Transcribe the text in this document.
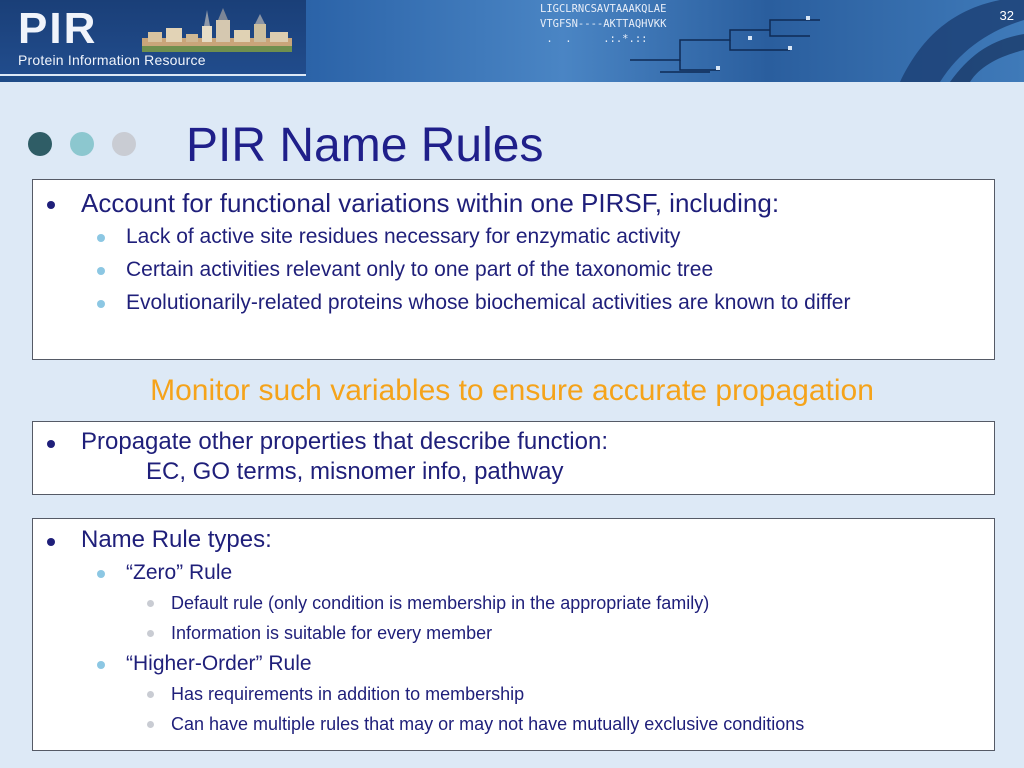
PIR
Protein Information Resource
LIGCLRNCSAVTAAAKQLAE
VTGFSN----AKTTAQHVKK
.  .     .:.*.::
32
PIR Name Rules
Account for functional variations within one PIRSF, including:
Lack of active site residues necessary for enzymatic activity
Certain activities relevant only to one part of the taxonomic tree
Evolutionarily-related proteins whose biochemical activities are known to differ
Monitor such variables to ensure accurate propagation
Propagate other properties that describe function:
EC, GO terms, misnomer info, pathway
Name Rule types:
“Zero” Rule
Default rule (only condition is membership in the appropriate family)
Information is suitable for every member
“Higher-Order” Rule
Has requirements in addition to membership
Can have multiple rules that may or may not have mutually exclusive conditions
